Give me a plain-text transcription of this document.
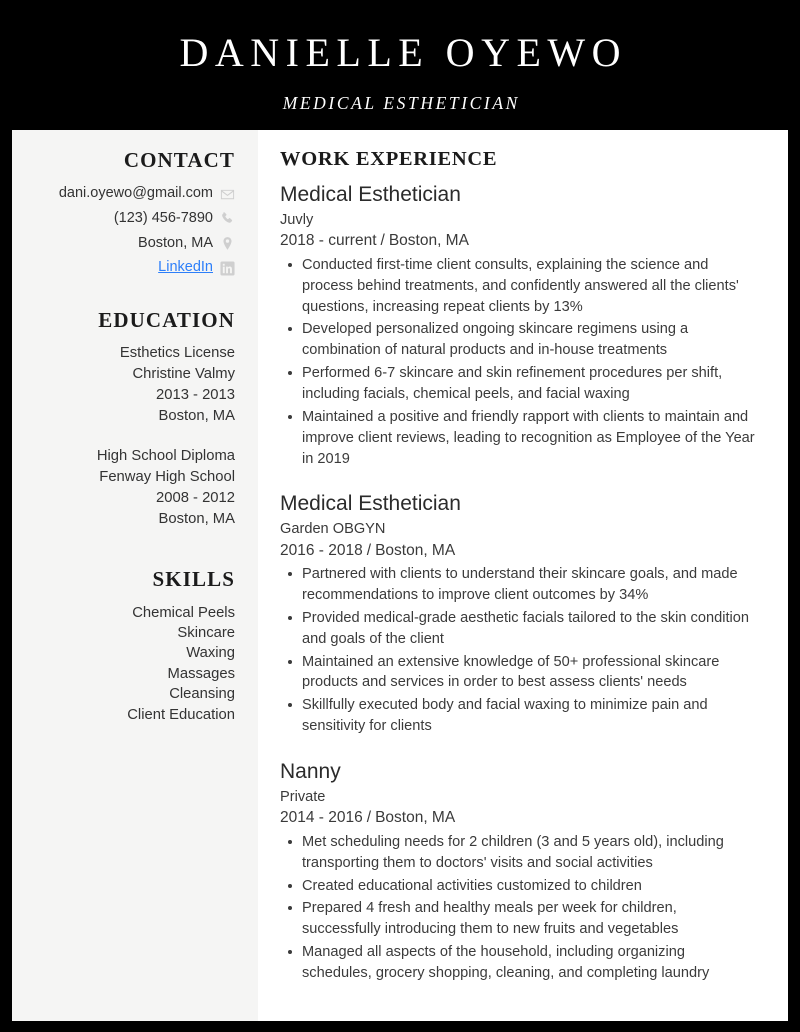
DANIELLE OYEWO
MEDICAL ESTHETICIAN
CONTACT
dani.oyewo@gmail.com
(123) 456-7890
Boston, MA
LinkedIn
EDUCATION
Esthetics License
Christine Valmy
2013 - 2013
Boston, MA
High School Diploma
Fenway High School
2008 - 2012
Boston, MA
SKILLS
Chemical Peels
Skincare
Waxing
Massages
Cleansing
Client Education
WORK EXPERIENCE
Medical Esthetician
Juvly
2018 - current / Boston, MA
Conducted first-time client consults, explaining the science and process behind treatments, and confidently answered all the clients' questions, increasing repeat clients by 13%
Developed personalized ongoing skincare regimens using a combination of natural products and in-house treatments
Performed 6-7 skincare and skin refinement procedures per shift, including facials, chemical peels, and facial waxing
Maintained a positive and friendly rapport with clients to maintain and improve client reviews, leading to recognition as Employee of the Year in 2019
Medical Esthetician
Garden OBGYN
2016 - 2018 / Boston, MA
Partnered with clients to understand their skincare goals, and made recommendations to improve client outcomes by 34%
Provided medical-grade aesthetic facials tailored to the skin condition and goals of the client
Maintained an extensive knowledge of 50+ professional skincare products and services in order to best assess clients' needs
Skillfully executed body and facial waxing to minimize pain and sensitivity for clients
Nanny
Private
2014 - 2016 / Boston, MA
Met scheduling needs for 2 children (3 and 5 years old), including transporting them to doctors' visits and social activities
Created educational activities customized to children
Prepared 4 fresh and healthy meals per week for children, successfully introducing them to new fruits and vegetables
Managed all aspects of the household, including organizing schedules, grocery shopping, cleaning, and completing laundry
